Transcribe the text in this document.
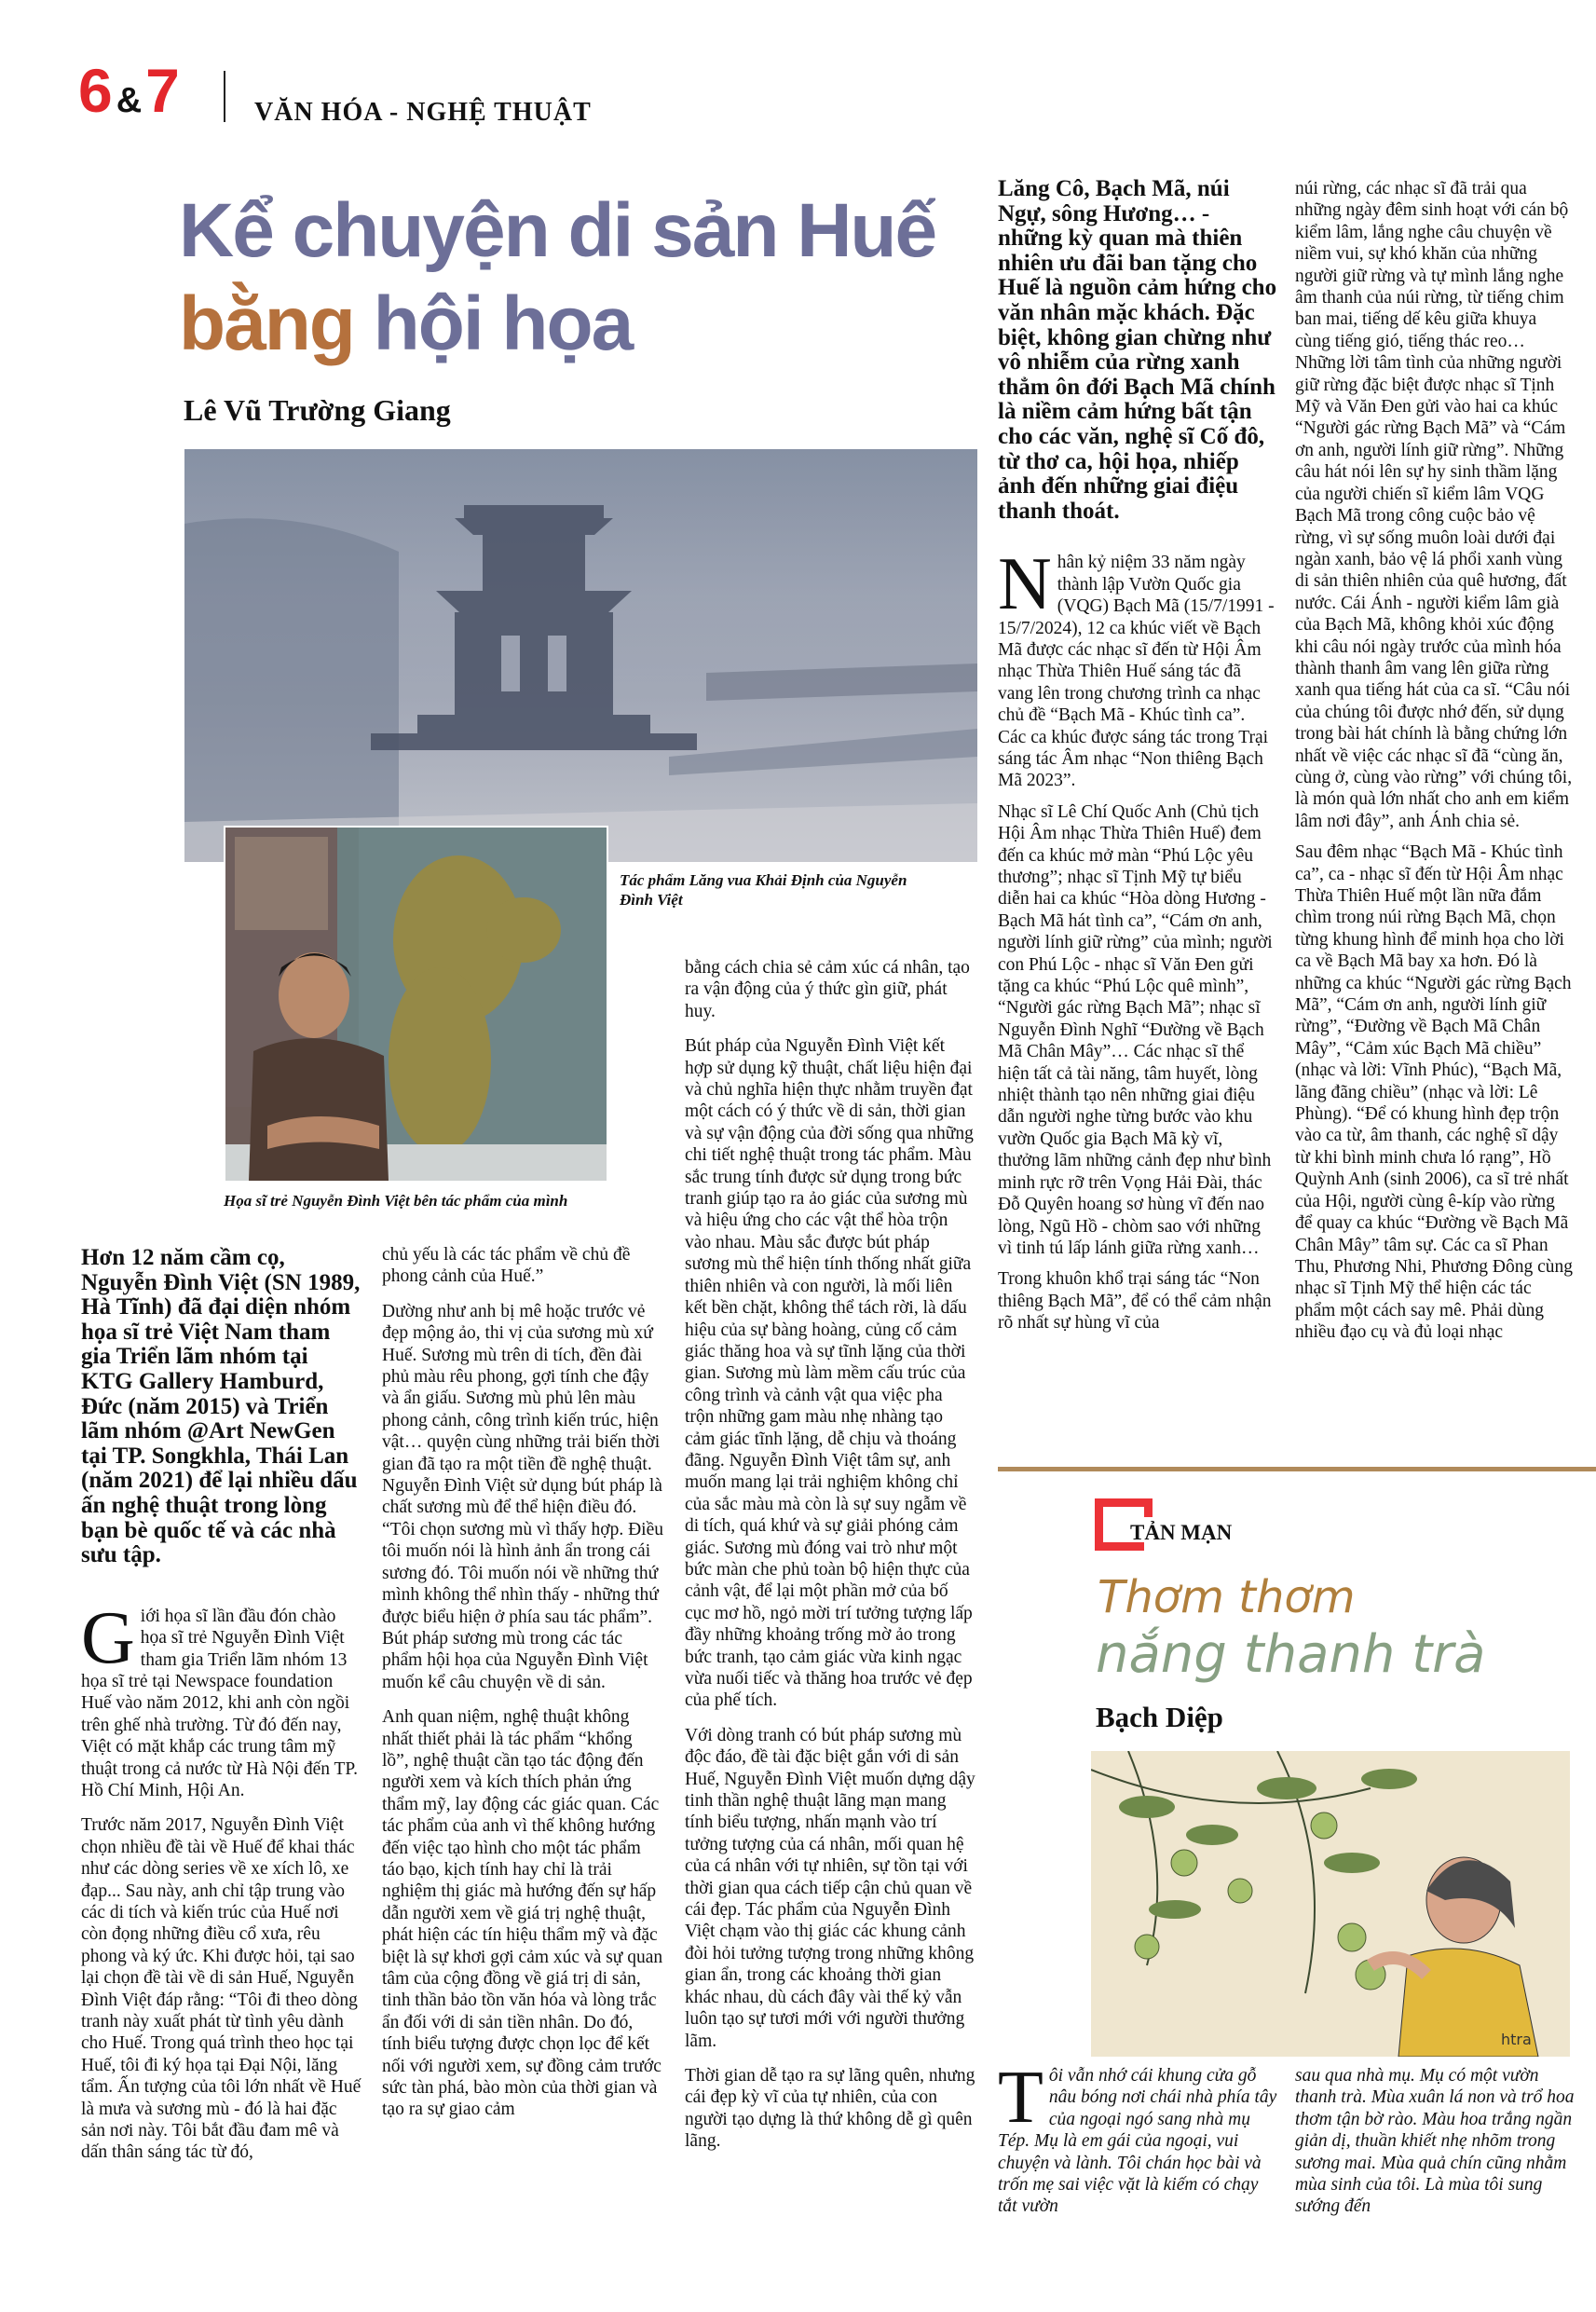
6 &7	VĂN HÓA - NGHỆ THUẬT
Kể chuyện di sản Huế
bằng hội họa
Lê Vũ Trường Giang
Tác phẩm Lăng vua Khải Định của Nguyễn Đình Việt
Họa sĩ trẻ Nguyễn Đình Việt bên tác phẩm của mình
Hơn 12 năm cầm cọ, Nguyễn Đình Việt (SN 1989, Hà Tĩnh) đã đại diện nhóm họa sĩ trẻ Việt Nam tham gia Triển lãm nhóm tại KTG Gallery Hamburd, Đức (năm 2015) và Triển lãm nhóm @Art NewGen tại TP. Songkhla, Thái Lan (năm 2021) để lại nhiều dấu ấn nghệ thuật trong lòng bạn bè quốc tế và các nhà sưu tập.

Giới họa sĩ lần đầu đón chào họa sĩ trẻ Nguyễn Đình Việt tham gia Triển lãm nhóm 13 họa sĩ trẻ tại Newspace foundation Huế vào năm 2012, khi anh còn ngồi trên ghế nhà trường. Từ đó đến nay, Việt có mặt khắp các trung tâm mỹ thuật trong cả nước từ Hà Nội đến TP. Hồ Chí Minh, Hội An.

Trước năm 2017, Nguyễn Đình Việt chọn nhiều đề tài về Huế để khai thác như các dòng series về xe xích lô, xe đạp... Sau này, anh chỉ tập trung vào các di tích và kiến trúc của Huế nơi còn đọng những điều cổ xưa, rêu phong và ký ức. Khi được hỏi, tại sao lại chọn đề tài về di sản Huế, Nguyễn Đình Việt đáp rằng: “Tôi đi theo dòng tranh này xuất phát từ tình yêu dành cho Huế. Trong quá trình theo học tại Huế, tôi đi ký họa tại Đại Nội, lăng tẩm. Ấn tượng của tôi lớn nhất về Huế là mưa và sương mù - đó là hai đặc sản nơi này. Tôi bắt đầu đam mê và dấn thân sáng tác từ đó,

chủ yếu là các tác phẩm về chủ đề phong cảnh của Huế.”

Dường như anh bị mê hoặc trước vẻ đẹp mộng ảo, thi vị của sương mù xứ Huế. Sương mù trên di tích, đền đài phủ màu rêu phong, gợi tính che đậy và ẩn giấu. Sương mù phủ lên màu phong cảnh, công trình kiến trúc, hiện vật… quyện cùng những trải biến thời gian đã tạo ra một tiền đề nghệ thuật. Nguyễn Đình Việt sử dụng bút pháp là chất sương mù để thể hiện điều đó. “Tôi chọn sương mù vì thấy hợp. Điều tôi muốn nói là hình ảnh ẩn trong cái sương đó. Tôi muốn nói về những thứ mình không thể nhìn thấy - những thứ được biểu hiện ở phía sau tác phẩm”. Bút pháp sương mù trong các tác phẩm hội họa của Nguyễn Đình Việt muốn kể câu chuyện về di sản.

Anh quan niệm, nghệ thuật không nhất thiết phải là tác phẩm “khổng lồ”, nghệ thuật cần tạo tác động đến người xem và kích thích phản ứng thẩm mỹ, lay động các giác quan. Các tác phẩm của anh vì thế không hướng đến việc tạo hình cho một tác phẩm táo bạo, kịch tính hay chỉ là trải nghiệm thị giác mà hướng đến sự hấp dẫn người xem về giá trị nghệ thuật, phát hiện các tín hiệu thẩm mỹ và đặc biệt là sự khơi gợi cảm xúc và sự quan tâm của cộng đồng về giá trị di sản, tinh thần bảo tồn văn hóa và lòng trắc ẩn đối với di sản tiền nhân. Do đó, tính biểu tượng được chọn lọc để kết nối với người xem, sự đồng cảm trước sức tàn phá, bào mòn của thời gian và tạo ra sự giao cảm

bằng cách chia sẻ cảm xúc cá nhân, tạo ra vận động của ý thức gìn giữ, phát huy.

Bút pháp của Nguyễn Đình Việt kết hợp sử dụng kỹ thuật, chất liệu hiện đại và chủ nghĩa hiện thực nhằm truyền đạt một cách có ý thức về di sản, thời gian và sự vận động của đời sống qua những chi tiết nghệ thuật trong tác phẩm. Màu sắc trung tính được sử dụng trong bức tranh giúp tạo ra ảo giác của sương mù và hiệu ứng cho các vật thể hòa trộn vào nhau. Màu sắc được bút pháp sương mù thể hiện tính thống nhất giữa thiên nhiên và con người, là mối liên kết bền chặt, không thể tách rời, là dấu hiệu của sự bàng hoàng, củng cố cảm giác thăng hoa và sự tĩnh lặng của thời gian. Sương mù làm mềm cấu trúc của công trình và cảnh vật qua việc pha trộn những gam màu nhẹ nhàng tạo cảm giác tĩnh lặng, dễ chịu và thoáng đãng. Nguyễn Đình Việt tâm sự, anh muốn mang lại trải nghiệm không chỉ của sắc màu mà còn là sự suy ngẫm về di tích, quá khứ và sự giải phóng cảm giác. Sương mù đóng vai trò như một bức màn che phủ toàn bộ hiện thực của cảnh vật, để lại một phần mở của bố cục mơ hồ, ngỏ mời trí tưởng tượng lấp đầy những khoảng trống mờ ảo trong bức tranh, tạo cảm giác vừa kinh ngạc vừa nuối tiếc và thăng hoa trước vẻ đẹp của phế tích.

Với dòng tranh có bút pháp sương mù độc đáo, đề tài đặc biệt gắn với di sản Huế, Nguyễn Đình Việt muốn dựng dậy tinh thần nghệ thuật lãng mạn mang tính biểu tượng, nhấn mạnh vào trí tưởng tượng của cá nhân, mối quan hệ của cá nhân với tự nhiên, sự tồn tại với thời gian qua cách tiếp cận chủ quan về cái đẹp. Tác phẩm của Nguyễn Đình Việt chạm vào thị giác các khung cảnh đòi hỏi tưởng tượng trong những không gian ẩn, trong các khoảng thời gian khác nhau, dù cách đây vài thế kỷ vẫn luôn tạo sự tươi mới với người thưởng lãm.

Thời gian dễ tạo ra sự lãng quên, nhưng cái đẹp kỳ vĩ của tự nhiên, của con người tạo dựng là thứ không dễ gì quên lãng.

Lăng Cô, Bạch Mã, núi Ngự, sông Hương… - những kỳ quan mà thiên nhiên ưu đãi ban tặng cho Huế là nguồn cảm hứng cho văn nhân mặc khách. Đặc biệt, không gian chừng như vô nhiễm của rừng xanh thẳm ôn đới Bạch Mã chính là niềm cảm hứng bất tận cho các văn, nghệ sĩ Cố đô, từ thơ ca, hội họa, nhiếp ảnh đến những giai điệu thanh thoát.

Nhân kỷ niệm 33 năm ngày thành lập Vườn Quốc gia (VQG) Bạch Mã (15/7/1991 - 15/7/2024), 12 ca khúc viết về Bạch Mã được các nhạc sĩ đến từ Hội Âm nhạc Thừa Thiên Huế sáng tác đã vang lên trong chương trình ca nhạc chủ đề “Bạch Mã - Khúc tình ca”. Các ca khúc được sáng tác trong Trại sáng tác Âm nhạc “Non thiêng Bạch Mã 2023”.

Nhạc sĩ Lê Chí Quốc Anh (Chủ tịch Hội Âm nhạc Thừa Thiên Huế) đem đến ca khúc mở màn “Phú Lộc yêu thương”; nhạc sĩ Tịnh Mỹ tự biểu diễn hai ca khúc “Hòa dòng Hương - Bạch Mã hát tình ca”, “Cám ơn anh, người lính giữ rừng” của mình; người con Phú Lộc - nhạc sĩ Văn Đen gửi tặng ca khúc “Phú Lộc quê mình”, “Người gác rừng Bạch Mã”; nhạc sĩ Nguyễn Đình Nghĩ “Đường về Bạch Mã Chân Mây”… Các nhạc sĩ thể hiện tất cả tài năng, tâm huyết, lòng nhiệt thành tạo nên những giai điệu dẫn người nghe từng bước vào khu vườn Quốc gia Bạch Mã kỳ vĩ, thưởng lãm những cảnh đẹp như bình minh rực rỡ trên Vọng Hải Đài, thác Đỗ Quyên hoang sơ hùng vĩ đến nao lòng, Ngũ Hồ - chòm sao với những vì tinh tú lấp lánh giữa rừng xanh…

Trong khuôn khổ trại sáng tác “Non thiêng Bạch Mã”, để có thể cảm nhận rõ nhất sự hùng vĩ của

núi rừng, các nhạc sĩ đã trải qua những ngày đêm sinh hoạt với cán bộ kiểm lâm, lắng nghe câu chuyện về niềm vui, sự khó khăn của những người giữ rừng và tự mình lắng nghe âm thanh của núi rừng, từ tiếng chim ban mai, tiếng dế kêu giữa khuya cùng tiếng gió, tiếng thác reo… Những lời tâm tình của những người giữ rừng đặc biệt được nhạc sĩ Tịnh Mỹ và Văn Đen gửi vào hai ca khúc “Người gác rừng Bạch Mã” và “Cám ơn anh, người lính giữ rừng”. Những câu hát nói lên sự hy sinh thầm lặng của người chiến sĩ kiểm lâm VQG Bạch Mã trong công cuộc bảo vệ rừng, vì sự sống muôn loài dưới đại ngàn xanh, bảo vệ lá phổi xanh vùng di sản thiên nhiên của quê hương, đất nước. Cái Ánh - người kiểm lâm già của Bạch Mã, không khỏi xúc động khi câu nói ngày trước của mình hóa thành thanh âm vang lên giữa rừng xanh qua tiếng hát của ca sĩ. “Câu nói của chúng tôi được nhớ đến, sử dụng trong bài hát chính là bằng chứng lớn nhất về việc các nhạc sĩ đã “cùng ăn, cùng ở, cùng vào rừng” với chúng tôi, là món quà lớn nhất cho anh em kiểm lâm nơi đây”, anh Ánh chia sẻ.

Sau đêm nhạc “Bạch Mã - Khúc tình ca”, ca - nhạc sĩ đến từ Hội Âm nhạc Thừa Thiên Huế một lần nữa đắm chìm trong núi rừng Bạch Mã, chọn từng khung hình để minh họa cho lời ca về Bạch Mã bay xa hơn. Đó là những ca khúc “Người gác rừng Bạch Mã”, “Cám ơn anh, người lính giữ rừng”, “Đường về Bạch Mã Chân Mây”, “Cảm xúc Bạch Mã chiều” (nhạc và lời: Vĩnh Phúc), “Bạch Mã, lãng đãng chiều” (nhạc và lời: Lê Phùng). “Để có khung hình đẹp trộn vào ca từ, âm thanh, các nghệ sĩ dậy từ khi bình minh chưa ló rạng”, Hồ Quỳnh Anh (sinh 2006), ca sĩ trẻ nhất của Hội, người cùng ê-kíp vào rừng để quay ca khúc “Đường về Bạch Mã Chân Mây” tâm sự. Các ca sĩ Phan Thu, Phương Nhi, Phương Đông cùng nhạc sĩ Tịnh Mỹ thể hiện các tác phẩm một cách say mê. Phải dùng nhiều đạo cụ và đủ loại nhạc

TẢN MẠN
Thơm thơm
nắng thanh trà
Bạch Diệp
htra
Tôi vẫn nhớ cái khung cửa gỗ nâu bóng nơi chái nhà phía tây của ngoại ngó sang nhà mụ Tép. Mụ là em gái của ngoại, vui chuyện và lành. Tôi chán học bài và trốn mẹ sai việc vặt là kiếm có chạy tắt vườn
sau qua nhà mụ. Mụ có một vườn thanh trà. Mùa xuân lá non và trổ hoa thơm tận bờ rào. Màu hoa trắng ngần giản dị, thuần khiết nhẹ nhõm trong sương mai. Mùa quả chín cũng nhằm mùa sinh của tôi. Là mùa tôi sung sướng đến
